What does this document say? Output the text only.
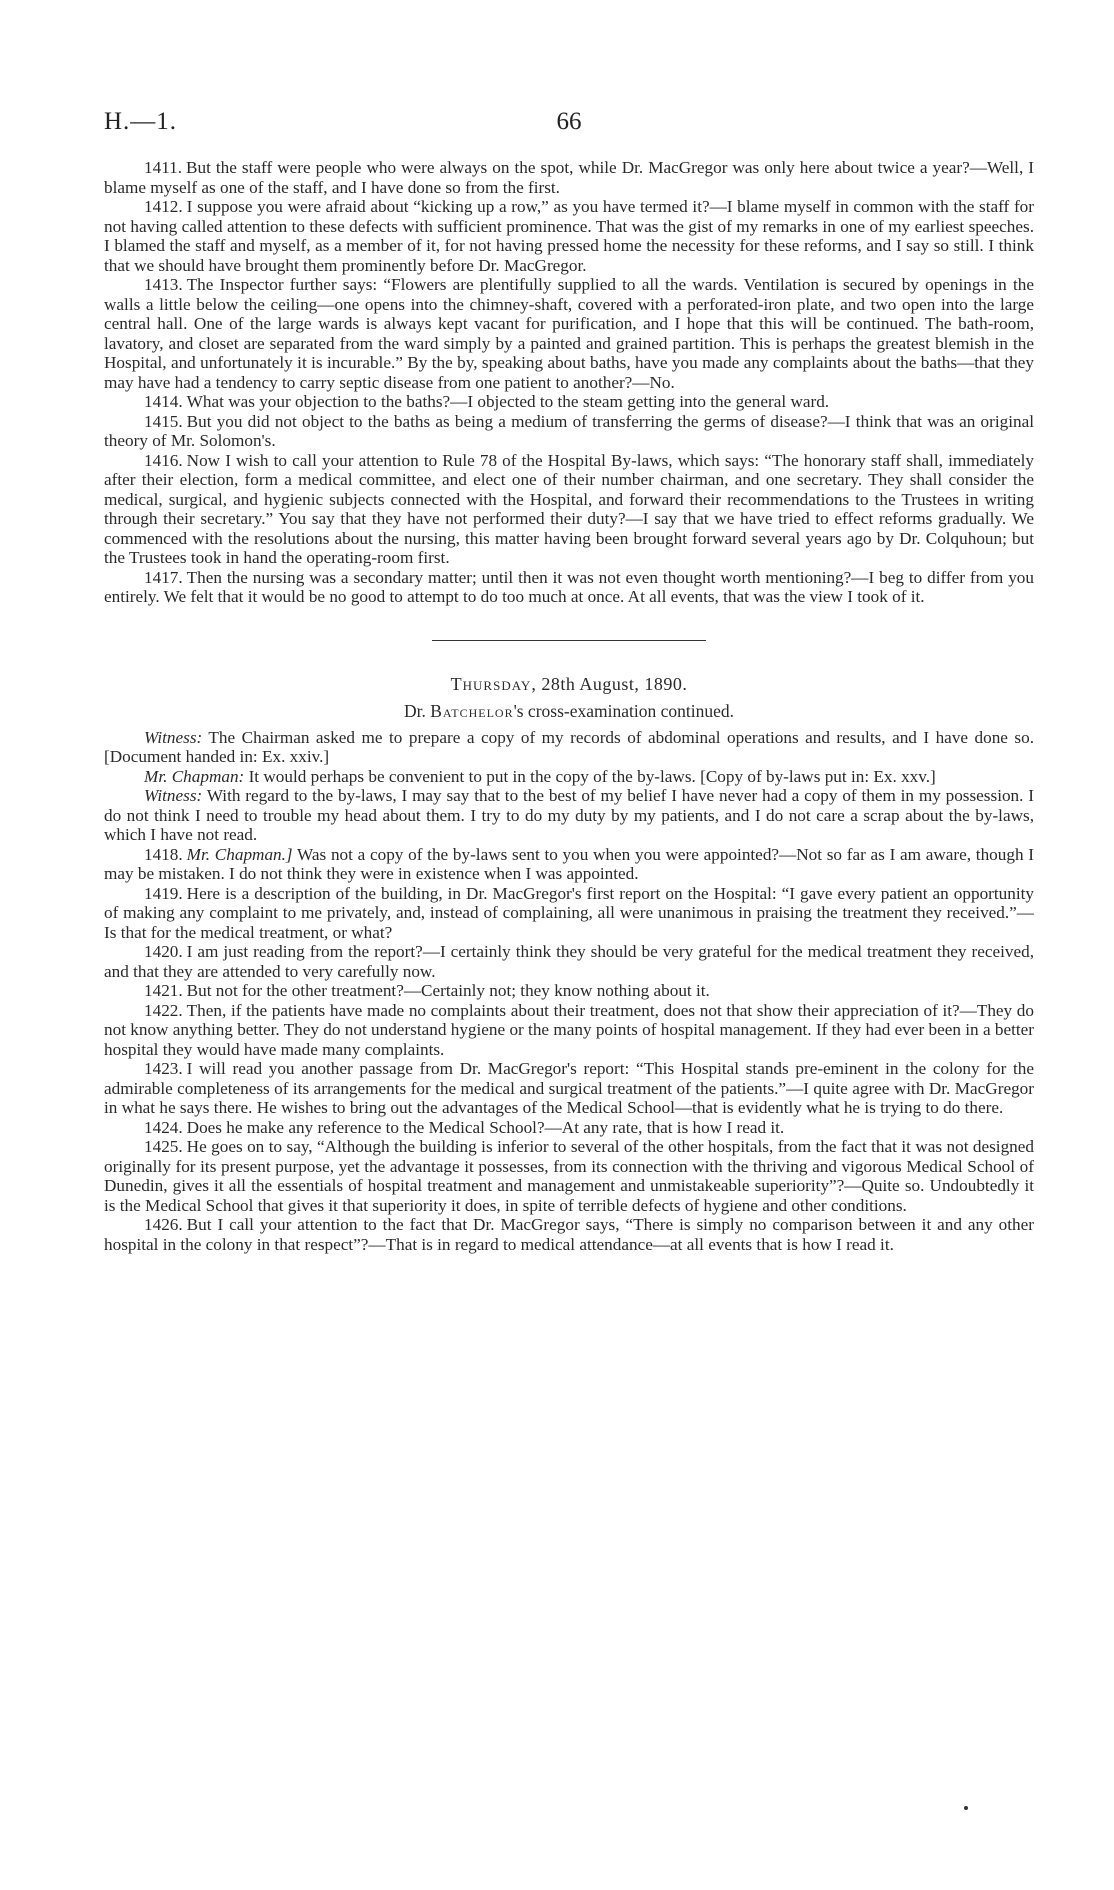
H.—1.	66

1411. But the staff were people who were always on the spot, while Dr. MacGregor was only here about twice a year?—Well, I blame myself as one of the staff, and I have done so from the first.

1412. I suppose you were afraid about “kicking up a row,” as you have termed it?—I blame myself in common with the staff for not having called attention to these defects with sufficient prominence. That was the gist of my remarks in one of my earliest speeches. I blamed the staff and myself, as a member of it, for not having pressed home the necessity for these reforms, and I say so still. I think that we should have brought them prominently before Dr. MacGregor.

1413. The Inspector further says: “Flowers are plentifully supplied to all the wards. Ventilation is secured by openings in the walls a little below the ceiling—one opens into the chimney-shaft, covered with a perforated-iron plate, and two open into the large central hall. One of the large wards is always kept vacant for purification, and I hope that this will be continued. The bath-room, lavatory, and closet are separated from the ward simply by a painted and grained partition. This is perhaps the greatest blemish in the Hospital, and unfortunately it is incurable.” By the by, speaking about baths, have you made any complaints about the baths—that they may have had a tendency to carry septic disease from one patient to another?—No.

1414. What was your objection to the baths?—I objected to the steam getting into the general ward.

1415. But you did not object to the baths as being a medium of transferring the germs of disease?—I think that was an original theory of Mr. Solomon's.

1416. Now I wish to call your attention to Rule 78 of the Hospital By-laws, which says: “The honorary staff shall, immediately after their election, form a medical committee, and elect one of their number chairman, and one secretary. They shall consider the medical, surgical, and hygienic subjects connected with the Hospital, and forward their recommendations to the Trustees in writing through their secretary.” You say that they have not performed their duty?—I say that we have tried to effect reforms gradually. We commenced with the resolutions about the nursing, this matter having been brought forward several years ago by Dr. Colquhoun; but the Trustees took in hand the operating-room first.

1417. Then the nursing was a secondary matter; until then it was not even thought worth mentioning?—I beg to differ from you entirely. We felt that it would be no good to attempt to do too much at once. At all events, that was the view I took of it.

Thursday, 28th August, 1890.

Dr. Batchelor's cross-examination continued.

Witness: The Chairman asked me to prepare a copy of my records of abdominal operations and results, and I have done so. [Document handed in: Ex. xxiv.]

Mr. Chapman: It would perhaps be convenient to put in the copy of the by-laws. [Copy of by-laws put in: Ex. xxv.]

Witness: With regard to the by-laws, I may say that to the best of my belief I have never had a copy of them in my possession. I do not think I need to trouble my head about them. I try to do my duty by my patients, and I do not care a scrap about the by-laws, which I have not read.

1418. Mr. Chapman.] Was not a copy of the by-laws sent to you when you were appointed?—Not so far as I am aware, though I may be mistaken. I do not think they were in existence when I was appointed.

1419. Here is a description of the building, in Dr. MacGregor's first report on the Hospital: “I gave every patient an opportunity of making any complaint to me privately, and, instead of complaining, all were unanimous in praising the treatment they received.”—Is that for the medical treatment, or what?

1420. I am just reading from the report?—I certainly think they should be very grateful for the medical treatment they received, and that they are attended to very carefully now.

1421. But not for the other treatment?—Certainly not; they know nothing about it.

1422. Then, if the patients have made no complaints about their treatment, does not that show their appreciation of it?—They do not know anything better. They do not understand hygiene or the many points of hospital management. If they had ever been in a better hospital they would have made many complaints.

1423. I will read you another passage from Dr. MacGregor's report: “This Hospital stands pre-eminent in the colony for the admirable completeness of its arrangements for the medical and surgical treatment of the patients.”—I quite agree with Dr. MacGregor in what he says there. He wishes to bring out the advantages of the Medical School—that is evidently what he is trying to do there.

1424. Does he make any reference to the Medical School?—At any rate, that is how I read it.

1425. He goes on to say, “Although the building is inferior to several of the other hospitals, from the fact that it was not designed originally for its present purpose, yet the advantage it possesses, from its connection with the thriving and vigorous Medical School of Dunedin, gives it all the essentials of hospital treatment and management and unmistakeable superiority”?—Quite so. Undoubtedly it is the Medical School that gives it that superiority it does, in spite of terrible defects of hygiene and other conditions.

1426. But I call your attention to the fact that Dr. MacGregor says, “There is simply no comparison between it and any other hospital in the colony in that respect”?—That is in regard to medical attendance—at all events that is how I read it.
